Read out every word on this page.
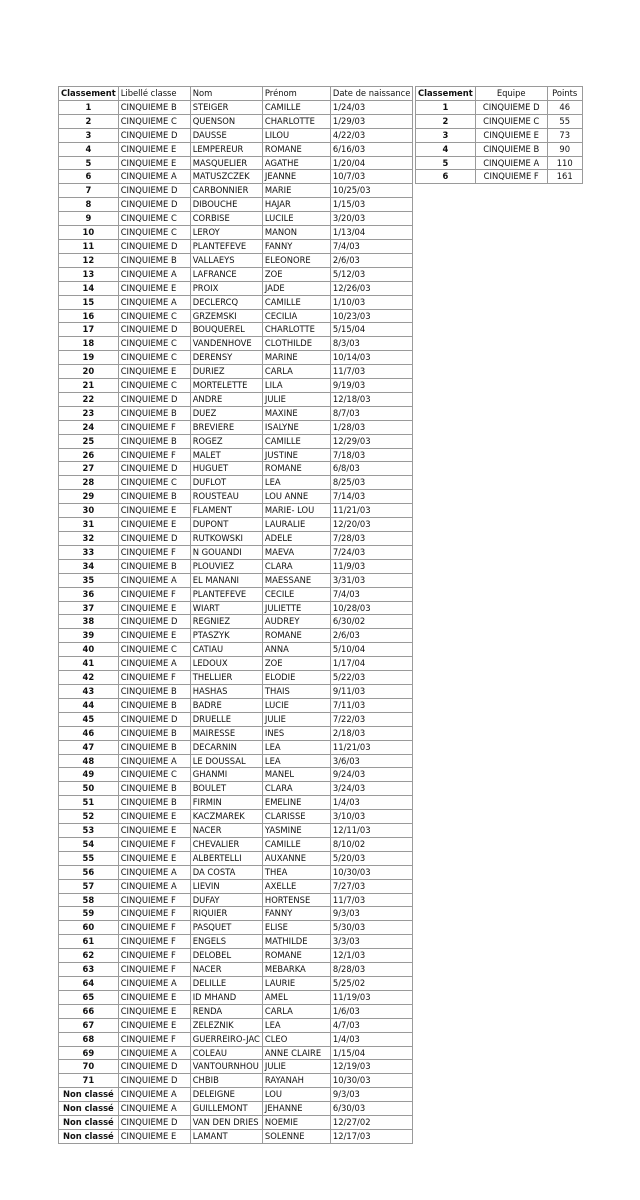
Classement	Libellé classe	Nom	Prénom	Date de naissance
1	CINQUIEME B	STEIGER	CAMILLE	1/24/03
2	CINQUIEME C	QUENSON	CHARLOTTE	1/29/03
3	CINQUIEME D	DAUSSE	LILOU	4/22/03
4	CINQUIEME E	LEMPEREUR	ROMANE	6/16/03
5	CINQUIEME E	MASQUELIER	AGATHE	1/20/04
6	CINQUIEME A	MATUSZCZEK	JEANNE	10/7/03
7	CINQUIEME D	CARBONNIER	MARIE	10/25/03
8	CINQUIEME D	DIBOUCHE	HAJAR	1/15/03
9	CINQUIEME C	CORBISE	LUCILE	3/20/03
10	CINQUIEME C	LEROY	MANON	1/13/04
11	CINQUIEME D	PLANTEFEVE	FANNY	7/4/03
12	CINQUIEME B	VALLAEYS	ELEONORE	2/6/03
13	CINQUIEME A	LAFRANCE	ZOE	5/12/03
14	CINQUIEME E	PROIX	JADE	12/26/03
15	CINQUIEME A	DECLERCQ	CAMILLE	1/10/03
16	CINQUIEME C	GRZEMSKI	CECILIA	10/23/03
17	CINQUIEME D	BOUQUEREL	CHARLOTTE	5/15/04
18	CINQUIEME C	VANDENHOVE	CLOTHILDE	8/3/03
19	CINQUIEME C	DERENSY	MARINE	10/14/03
20	CINQUIEME E	DURIEZ	CARLA	11/7/03
21	CINQUIEME C	MORTELETTE	LILA	9/19/03
22	CINQUIEME D	ANDRE	JULIE	12/18/03
23	CINQUIEME B	DUEZ	MAXINE	8/7/03
24	CINQUIEME F	BREVIERE	ISALYNE	1/28/03
25	CINQUIEME B	ROGEZ	CAMILLE	12/29/03
26	CINQUIEME F	MALET	JUSTINE	7/18/03
27	CINQUIEME D	HUGUET	ROMANE	6/8/03
28	CINQUIEME C	DUFLOT	LEA	8/25/03
29	CINQUIEME B	ROUSTEAU	LOU ANNE	7/14/03
30	CINQUIEME E	FLAMENT	MARIE- LOU	11/21/03
31	CINQUIEME E	DUPONT	LAURALIE	12/20/03
32	CINQUIEME D	RUTKOWSKI	ADELE	7/28/03
33	CINQUIEME F	N GOUANDI	MAEVA	7/24/03
34	CINQUIEME B	PLOUVIEZ	CLARA	11/9/03
35	CINQUIEME A	EL MANANI	MAESSANE	3/31/03
36	CINQUIEME F	PLANTEFEVE	CECILE	7/4/03
37	CINQUIEME E	WIART	JULIETTE	10/28/03
38	CINQUIEME D	REGNIEZ	AUDREY	6/30/02
39	CINQUIEME E	PTASZYK	ROMANE	2/6/03
40	CINQUIEME C	CATIAU	ANNA	5/10/04
41	CINQUIEME A	LEDOUX	ZOE	1/17/04
42	CINQUIEME F	THELLIER	ELODIE	5/22/03
43	CINQUIEME B	HASHAS	THAIS	9/11/03
44	CINQUIEME B	BADRE	LUCIE	7/11/03
45	CINQUIEME D	DRUELLE	JULIE	7/22/03
46	CINQUIEME B	MAIRESSE	INES	2/18/03
47	CINQUIEME B	DECARNIN	LEA	11/21/03
48	CINQUIEME A	LE DOUSSAL	LEA	3/6/03
49	CINQUIEME C	GHANMI	MANEL	9/24/03
50	CINQUIEME B	BOULET	CLARA	3/24/03
51	CINQUIEME B	FIRMIN	EMELINE	1/4/03
52	CINQUIEME E	KACZMAREK	CLARISSE	3/10/03
53	CINQUIEME E	NACER	YASMINE	12/11/03
54	CINQUIEME F	CHEVALIER	CAMILLE	8/10/02
55	CINQUIEME E	ALBERTELLI	AUXANNE	5/20/03
56	CINQUIEME A	DA COSTA	THEA	10/30/03
57	CINQUIEME A	LIEVIN	AXELLE	7/27/03
58	CINQUIEME F	DUFAY	HORTENSE	11/7/03
59	CINQUIEME F	RIQUIER	FANNY	9/3/03
60	CINQUIEME F	PASQUET	ELISE	5/30/03
61	CINQUIEME F	ENGELS	MATHILDE	3/3/03
62	CINQUIEME F	DELOBEL	ROMANE	12/1/03
63	CINQUIEME F	NACER	MEBARKA	8/28/03
64	CINQUIEME A	DELILLE	LAURIE	5/25/02
65	CINQUIEME E	ID MHAND	AMEL	11/19/03
66	CINQUIEME E	RENDA	CARLA	1/6/03
67	CINQUIEME E	ZELEZNIK	LEA	4/7/03
68	CINQUIEME F	GUERREIRO-JAC	CLEO	1/4/03
69	CINQUIEME A	COLEAU	ANNE CLAIRE	1/15/04
70	CINQUIEME D	VANTOURNHOU	JULIE	12/19/03
71	CINQUIEME D	CHBIB	RAYANAH	10/30/03
Non classé	CINQUIEME A	DELEIGNE	LOU	9/3/03
Non classé	CINQUIEME A	GUILLEMONT	JEHANNE	6/30/03
Non classé	CINQUIEME D	VAN DEN DRIES	NOEMIE	12/27/02
Non classé	CINQUIEME E	LAMANT	SOLENNE	12/17/03
Classement	Equipe	Points
1	CINQUIEME D	46
2	CINQUIEME C	55
3	CINQUIEME E	73
4	CINQUIEME B	90
5	CINQUIEME A	110
6	CINQUIEME F	161
